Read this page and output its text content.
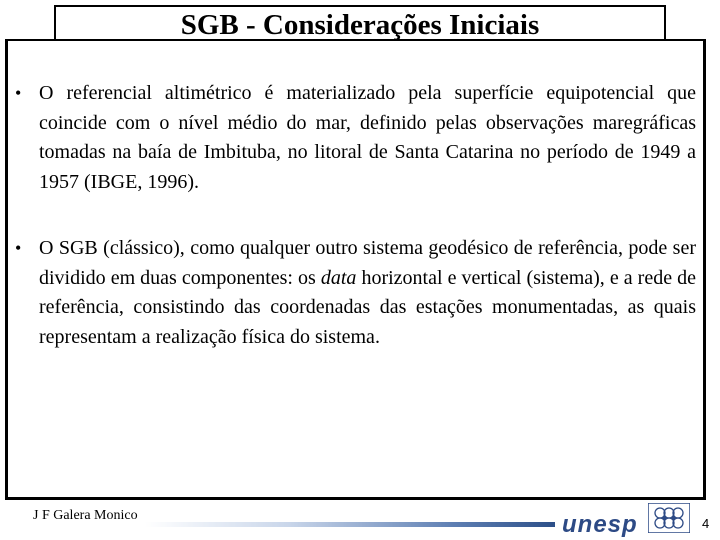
SGB - Considerações Iniciais
• O referencial altimétrico é materializado pela superfície equipotencial que coincide com o nível médio do mar, definido pelas observações maregráficas tomadas na baía de Imbituba, no litoral de Santa Catarina no período de 1949 a 1957 (IBGE, 1996).

• O SGB (clássico), como qualquer outro sistema geodésico de referência, pode ser dividido em duas componentes: os data horizontal e vertical (sistema), e a rede de referência, consistindo das coordenadas das estações monumentadas, as quais representam a realização física do sistema.

J F Galera Monico	unesp	4
